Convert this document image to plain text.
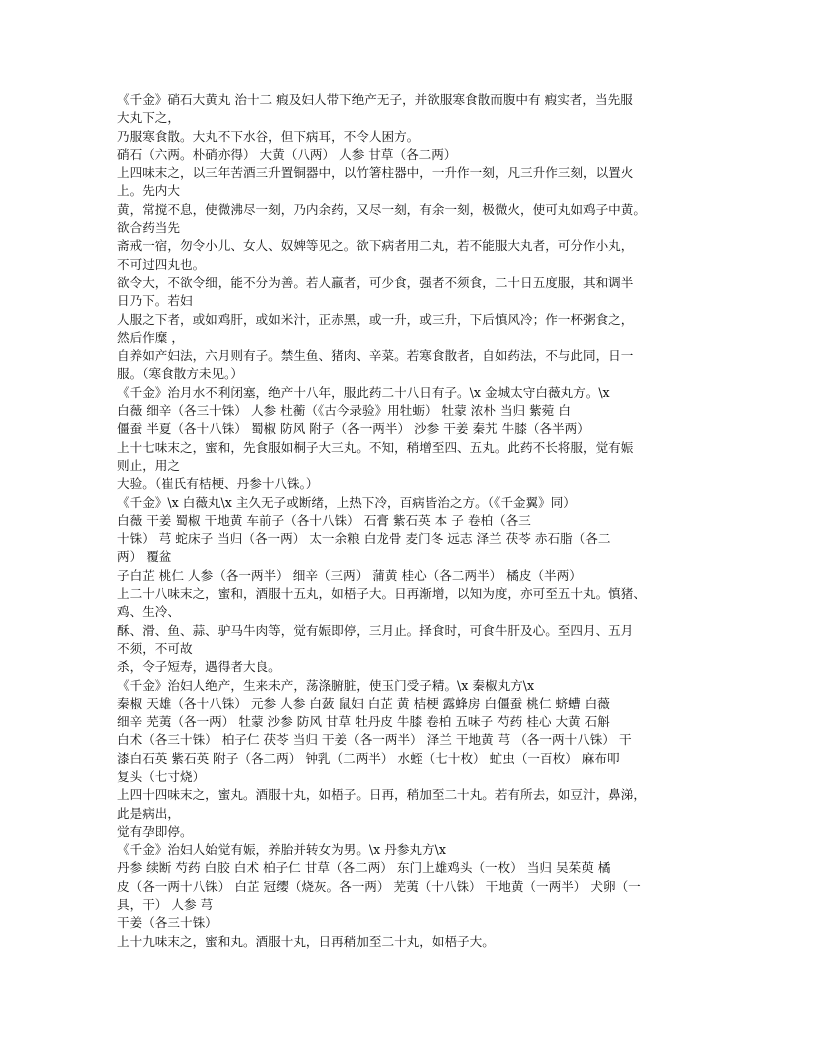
《千金》硝石大黄丸 治十二 瘕及妇人带下绝产无子，并欲服寒食散而腹中有 瘕实者，当先服
大丸下之，
乃服寒食散。大丸不下水谷，但下病耳，不令人困方。
硝石（六两。朴硝亦得） 大黄（八两） 人参 甘草（各二两）
上四味末之，以三年苦酒三升置铜器中，以竹箸柱器中，一升作一刻，凡三升作三刻，以置火
上。先内大
黄，常搅不息，使微沸尽一刻，乃内余药，又尽一刻，有余一刻，极微火，使可丸如鸡子中黄。
欲合药当先
斋戒一宿，勿令小儿、女人、奴婢等见之。欲下病者用二丸，若不能服大丸者，可分作小丸，
不可过四丸也。
欲令大，不欲令细，能不分为善。若人羸者，可少食，强者不须食，二十日五度服，其和调半
日乃下。若妇
人服之下者，或如鸡肝，或如米汁，正赤黑，或一升，或三升，下后慎风冷；作一杯粥食之，
然后作糜 ，
自养如产妇法，六月则有子。禁生鱼、猪肉、辛菜。若寒食散者，自如药法，不与此同，日一
服。（寒食散方未见。）
《千金》治月水不利闭塞，绝产十八年，服此药二十八日有子。\x 金城太守白薇丸方。\x
白薇 细辛（各三十铢） 人参 杜蘅（《古今录验》用牡蛎） 牡蒙 浓朴 当归 紫菀 白
僵蚕 半夏（各十八铢） 蜀椒 防风 附子（各一两半） 沙参 干姜 秦艽 牛膝（各半两）
上十七味末之，蜜和，先食服如桐子大三丸。不知，稍增至四、五丸。此药不长将服，觉有娠
则止，用之
大验。（崔氏有桔梗、丹参十八铢。）
《千金》\x 白薇丸\x 主久无子或断绪，上热下冷，百病皆治之方。（《千金翼》同）
白薇 干姜 蜀椒 干地黄 车前子（各十八铢） 石膏 紫石英 本 子 卷柏（各三
十铢） 芎 蛇床子 当归（各一两） 太一余粮 白龙骨 麦门冬 远志 泽兰 茯苓 赤石脂（各二
两） 覆盆
子白芷 桃仁 人参（各一两半） 细辛（三两） 蒲黄 桂心（各二两半） 橘皮（半两）
上二十八味末之，蜜和，酒服十五丸，如梧子大。日再渐增，以知为度，亦可至五十丸。慎猪、
鸡、生冷、
酥、滑、鱼、蒜、驴马牛肉等，觉有娠即停，三月止。择食时，可食牛肝及心。至四月、五月
不须，不可故
杀，令子短寿，遇得者大良。
《千金》治妇人绝产，生来未产，荡涤腑脏，使玉门受子精。\x 秦椒丸方\x
秦椒 天雄（各十八铢） 元参 人参 白蔹 鼠妇 白芷 黄 桔梗 露蜂房 白僵蚕 桃仁 蛴螬 白薇
细辛 芜荑（各一两） 牡蒙 沙参 防风 甘草 牡丹皮 牛膝 卷柏 五味子 芍药 桂心 大黄 石斛
白术（各三十铢） 柏子仁 茯苓 当归 干姜（各一两半） 泽兰 干地黄 芎 （各一两十八铢） 干
漆白石英 紫石英 附子（各二两） 钟乳（二两半） 水蛭（七十枚） 虻虫（一百枚） 麻布叩
复头（七寸烧）
上四十四味末之，蜜丸。酒服十丸，如梧子。日再，稍加至二十丸。若有所去，如豆汁，鼻涕，
此是病出，
觉有孕即停。
《千金》治妇人始觉有娠，养胎并转女为男。\x 丹参丸方\x
丹参 续断 芍药 白胶 白术 柏子仁 甘草（各二两） 东门上雄鸡头（一枚） 当归 吴茱萸 橘
皮（各一两十八铢） 白芷 冠缨（烧灰。各一两） 芜荑（十八铢） 干地黄（一两半） 犬卵（一
具，干） 人参 芎
干姜（各三十铢）
上十九味末之，蜜和丸。酒服十丸，日再稍加至二十丸，如梧子大。
